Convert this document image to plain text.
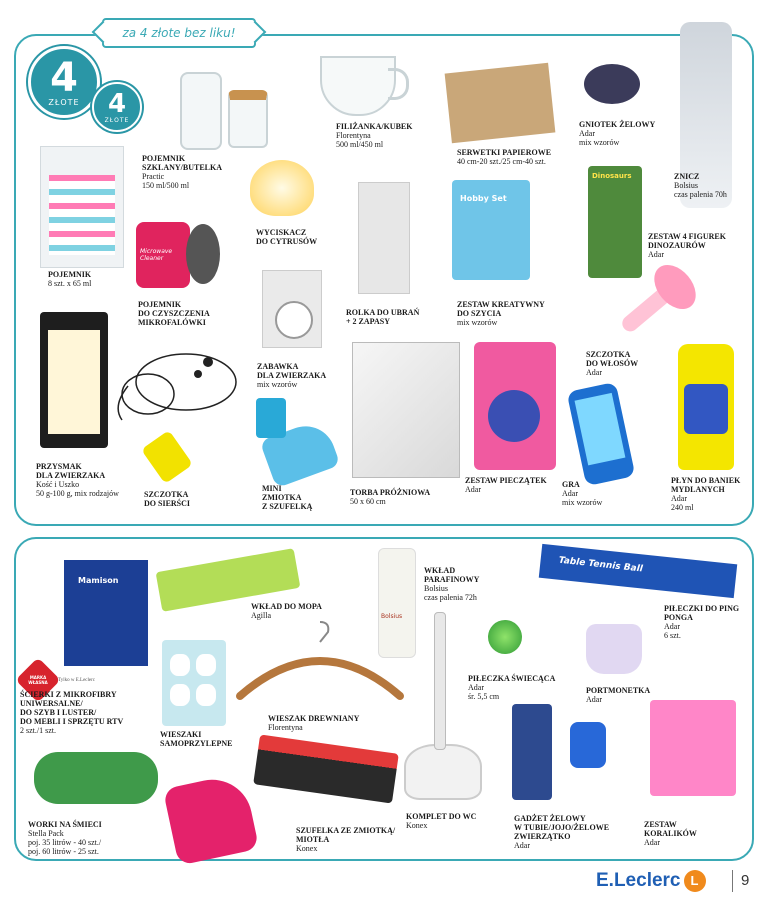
za 4 złote bez liku!
4
ZŁOTE 4
ZŁOTE
Hobby Set
Dinosaurs
Microwave Cleaner
Mamison
Bolsius
Table Tennis Ball
MARKA WŁASNA	Tylko w E.Leclerc
POJEMNIK
SZKLANY/BUTELKA
Practic
150 ml/500 ml
FILIŻANKA/KUBEK
Florentyna
500 ml/450 ml
SERWETKI PAPIEROWE
40 cm-20 szt./25 cm-40 szt.
GNIOTEK ŻELOWY
Adar
mix wzorów
ZNICZ
Bolsius
czas palenia 70h
POJEMNIK
8 szt. x 65 ml
WYCISKACZ
DO CYTRUSÓW
ZESTAW 4 FIGUREK
DINOZAURÓW
Adar
POJEMNIK
DO CZYSZCZENIA
MIKROFALÓWKI
ROLKA DO UBRAŃ
+ 2 ZAPASY
ZESTAW KREATYWNY
DO SZYCIA
mix wzorów
ZABAWKA
DLA ZWIERZAKA
mix wzorów
SZCZOTKA
DO WŁOSÓW
Adar
PRZYSMAK
DLA ZWIERZAKA
Kość i Uszko
50 g-100 g, mix rodzajów	SZCZOTKA
DO SIERŚCI
MINI
ZMIOTKA
Z SZUFELKĄ
TORBA PRÓŻNIOWA
50 x 60 cm
ZESTAW PIECZĄTEK
Adar
GRA
Adar
mix wzorów
PŁYN DO BANIEK
MYDLANYCH
Adar
240 ml
WKŁAD
PARAFINOWY
Bolsius
czas palenia 72h
WKŁAD DO MOPA
Agilla
PIŁECZKI DO PING
PONGA
Adar
6 szt.
ŚCIERKI Z MIKROFIBRY
UNIWERSALNE/
DO SZYB I LUSTER/
DO MEBLI I SPRZĘTU RTV
2 szt./1 szt.
PIŁECZKA ŚWIECĄCA
Adar
śr. 5,5 cm
PORTMONETKA
Adar
WIESZAK DREWNIANY
Florentyna
WIESZAKI
SAMOPRZYLEPNE
WORKI NA ŚMIECI
Stella Pack
poj. 35 litrów - 40 szt./
poj. 60 litrów - 25 szt.
SZUFELKA ZE ZMIOTKĄ/
MIOTŁA
Konex
KOMPLET DO WC
Konex
GADŻET ŻELOWY
W TUBIE/JOJO/ŻELOWE
ZWIERZĄTKO
Adar
ZESTAW
KORALIKÓW
Adar
E.Leclerc L	9
